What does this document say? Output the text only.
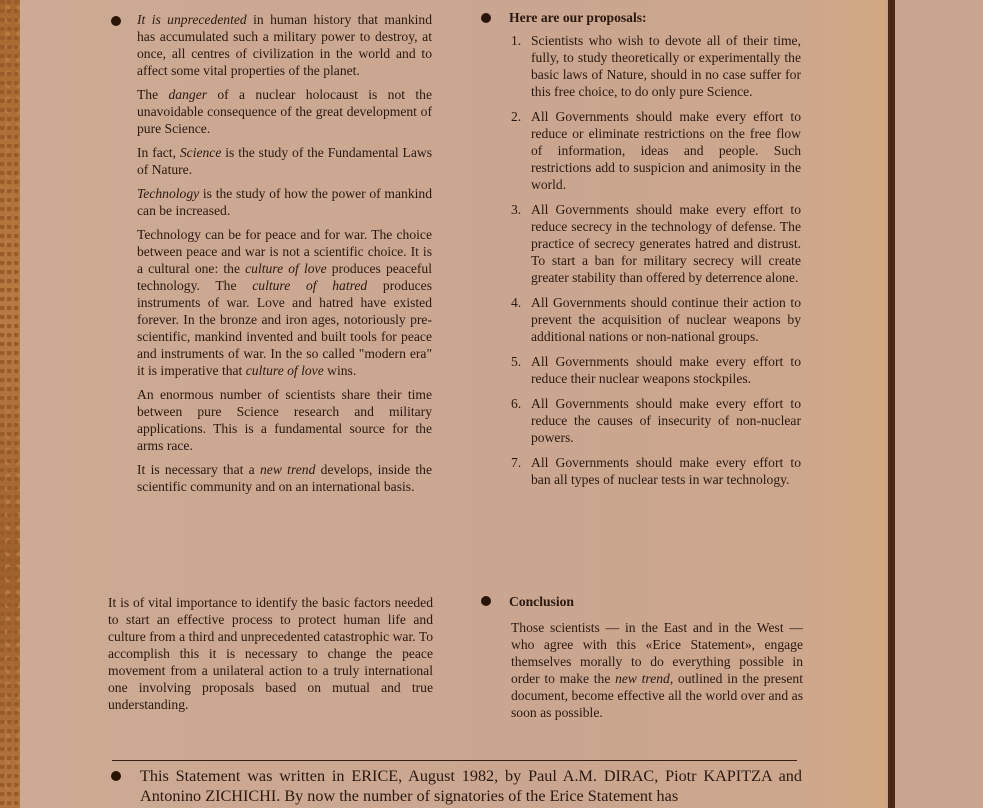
It is unprecedented in human history that mankind has accumulated such a military power to destroy, at once, all centres of civilization in the world and to affect some vital properties of the planet.

The danger of a nuclear holocaust is not the unavoidable consequence of the great development of pure Science.

In fact, Science is the study of the Fundamental Laws of Nature.

Technology is the study of how the power of mankind can be increased.

Technology can be for peace and for war. The choice between peace and war is not a scientific choice. It is a cultural one: the culture of love produces peaceful technology. The culture of hatred produces instruments of war. Love and hatred have existed forever. In the bronze and iron ages, notoriously pre-scientific, mankind invented and built tools for peace and instruments of war. In the so called "modern era" it is imperative that culture of love wins.

An enormous number of scientists share their time between pure Science research and military applications. This is a fundamental source for the arms race.

It is necessary that a new trend develops, inside the scientific community and on an international basis.

It is of vital importance to identify the basic factors needed to start an effective process to protect human life and culture from a third and unprecedented catastrophic war. To accomplish this it is necessary to change the peace movement from a unilateral action to a truly international one involving proposals based on mutual and true understanding.
Here are our proposals:
1. Scientists who wish to devote all of their time, fully, to study theoretically or experimentally the basic laws of Nature, should in no case suffer for this free choice, to do only pure Science.
2. All Governments should make every effort to reduce or eliminate restrictions on the free flow of information, ideas and people. Such restrictions add to suspicion and animosity in the world.
3. All Governments should make every effort to reduce secrecy in the technology of defense. The practice of secrecy generates hatred and distrust. To start a ban for military secrecy will create greater stability than offered by deterrence alone.
4. All Governments should continue their action to prevent the acquisition of nuclear weapons by additional nations or non-national groups.
5. All Governments should make every effort to reduce their nuclear weapons stockpiles.
6. All Governments should make every effort to reduce the causes of insecurity of non-nuclear powers.
7. All Governments should make every effort to ban all types of nuclear tests in war technology.
Conclusion
Those scientists — in the East and in the West — who agree with this «Erice Statement», engage themselves morally to do everything possible in order to make the new trend, outlined in the present document, become effective all the world over and as soon as possible.
This Statement was written in ERICE, August 1982, by Paul A.M. DIRAC, Piotr KAPITZA and Antonino ZICHICHI. By now the number of signatories of the Erice Statement has
